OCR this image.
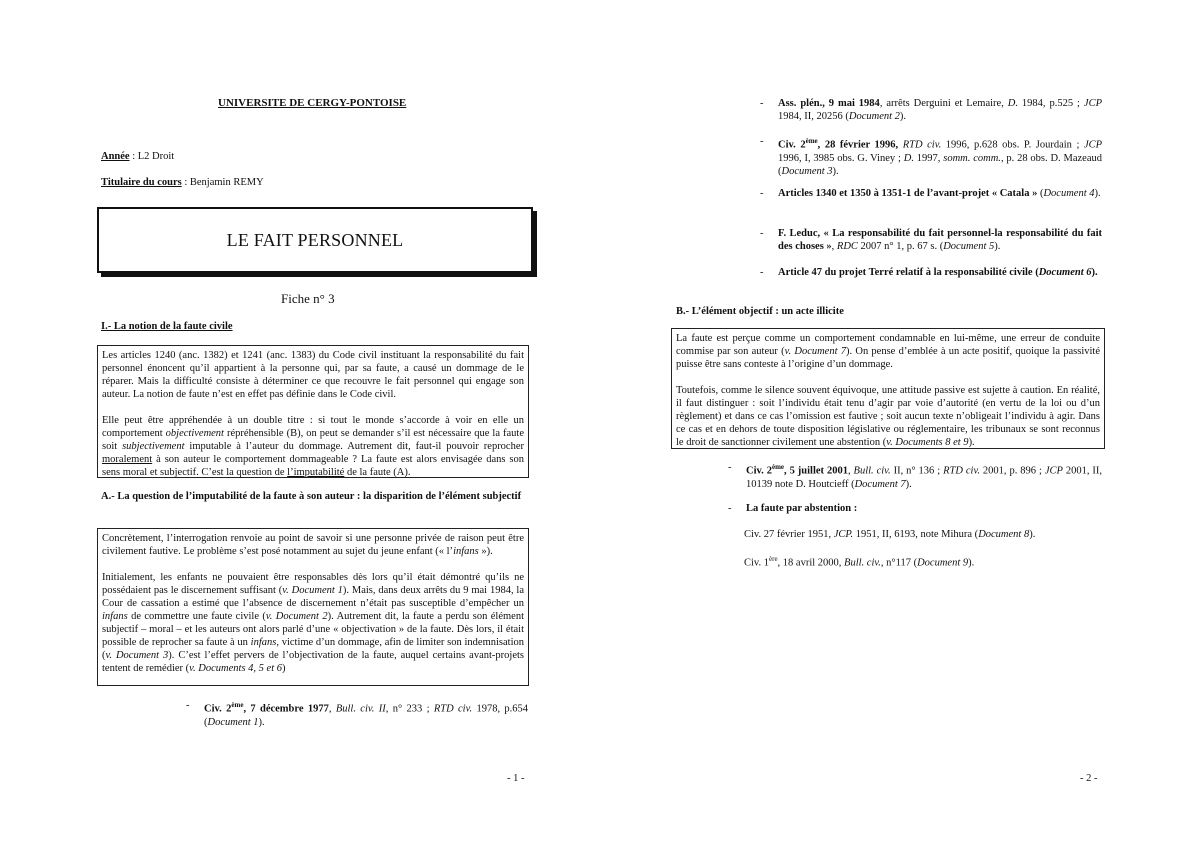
UNIVERSITE DE CERGY-PONTOISE
Année : L2 Droit
Titulaire du cours : Benjamin REMY
LE FAIT PERSONNEL
Fiche n° 3
I.- La notion de la faute civile

Les articles 1240 (anc. 1382) et 1241 (anc. 1383) du Code civil instituant la responsabilité du fait personnel énoncent qu’il appartient à la personne qui, par sa faute, a causé un dommage de le réparer. Mais la difficulté consiste à déterminer ce que recouvre le fait personnel qui engage son auteur. La notion de faute n’est en effet pas définie dans le Code civil.

Elle peut être appréhendée à un double titre : si tout le monde s’accorde à voir en elle un comportement objectivement répréhensible (B), on peut se demander s’il est nécessaire que la faute soit subjectivement imputable à l’auteur du dommage. Autrement dit, faut-il pouvoir reprocher moralement à son auteur le comportement dommageable ? La faute est alors envisagée dans son sens moral et subjectif. C’est la question de l’imputabilité de la faute (A).

A.- La question de l’imputabilité de la faute à son auteur : la disparition de l’élément subjectif

Concrètement, l’interrogation renvoie au point de savoir si une personne privée de raison peut être civilement fautive. Le problème s’est posé notamment au sujet du jeune enfant (« l’infans »).

Initialement, les enfants ne pouvaient être responsables dès lors qu’il était démontré qu’ils ne possédaient pas le discernement suffisant (v. Document 1). Mais, dans deux arrêts du 9 mai 1984, la Cour de cassation a estimé que l’absence de discernement n’était pas susceptible d’empêcher un infans de commettre une faute civile (v. Document 2). Autrement dit, la faute a perdu son élément subjectif – moral – et les auteurs ont alors parlé d’une « objectivation » de la faute. Dès lors, il était possible de reprocher sa faute à un infans, victime d’un dommage, afin de limiter son indemnisation (v. Document 3). C’est l’effet pervers de l’objectivation de la faute, auquel certains avant-projets tentent de remédier (v. Documents 4, 5 et 6)

- Civ. 2ème, 7 décembre 1977, Bull. civ. II, n° 233 ; RTD civ. 1978, p.654 (Document 1).
- 1 -
- Ass. plén., 9 mai 1984, arrêts Derguini et Lemaire, D. 1984, p.525 ; JCP 1984, II, 20256 (Document 2).
- Civ. 2ème, 28 février 1996, RTD civ. 1996, p.628 obs. P. Jourdain ; JCP 1996, I, 3985 obs. G. Viney ; D. 1997, somm. comm., p. 28 obs. D. Mazeaud (Document 3).
- Articles 1340 et 1350 à 1351-1 de l’avant-projet « Catala » (Document 4).
- F. Leduc, « La responsabilité du fait personnel-la responsabilité du fait des choses », RDC 2007 n° 1, p. 67 s. (Document 5).
- Article 47 du projet Terré relatif à la responsabilité civile (Document 6).
B.- L’élément objectif : un acte illicite

La faute est perçue comme un comportement condamnable en lui-même, une erreur de conduite commise par son auteur (v. Document 7). On pense d’emblée à un acte positif, quoique la passivité puisse être sans conteste à l’origine d’un dommage.

Toutefois, comme le silence souvent équivoque, une attitude passive est sujette à caution. En réalité, il faut distinguer : soit l’individu était tenu d’agir par voie d’autorité (en vertu de la loi ou d’un règlement) et dans ce cas l’omission est fautive ; soit aucun texte n’obligeait l’individu à agir. Dans ce cas et en dehors de toute disposition législative ou réglementaire, les tribunaux se sont reconnus le droit de sanctionner civilement une abstention (v. Documents 8 et 9).

- Civ. 2ème, 5 juillet 2001, Bull. civ. II, n° 136 ; RTD civ. 2001, p. 896 ; JCP 2001, II, 10139 note D. Houtcieff (Document 7).
- La faute par abstention :
Civ. 27 février 1951, JCP. 1951, II, 6193, note Mihura (Document 8).
Civ. 1ère, 18 avril 2000, Bull. civ., n°117 (Document 9).
- 2 -
